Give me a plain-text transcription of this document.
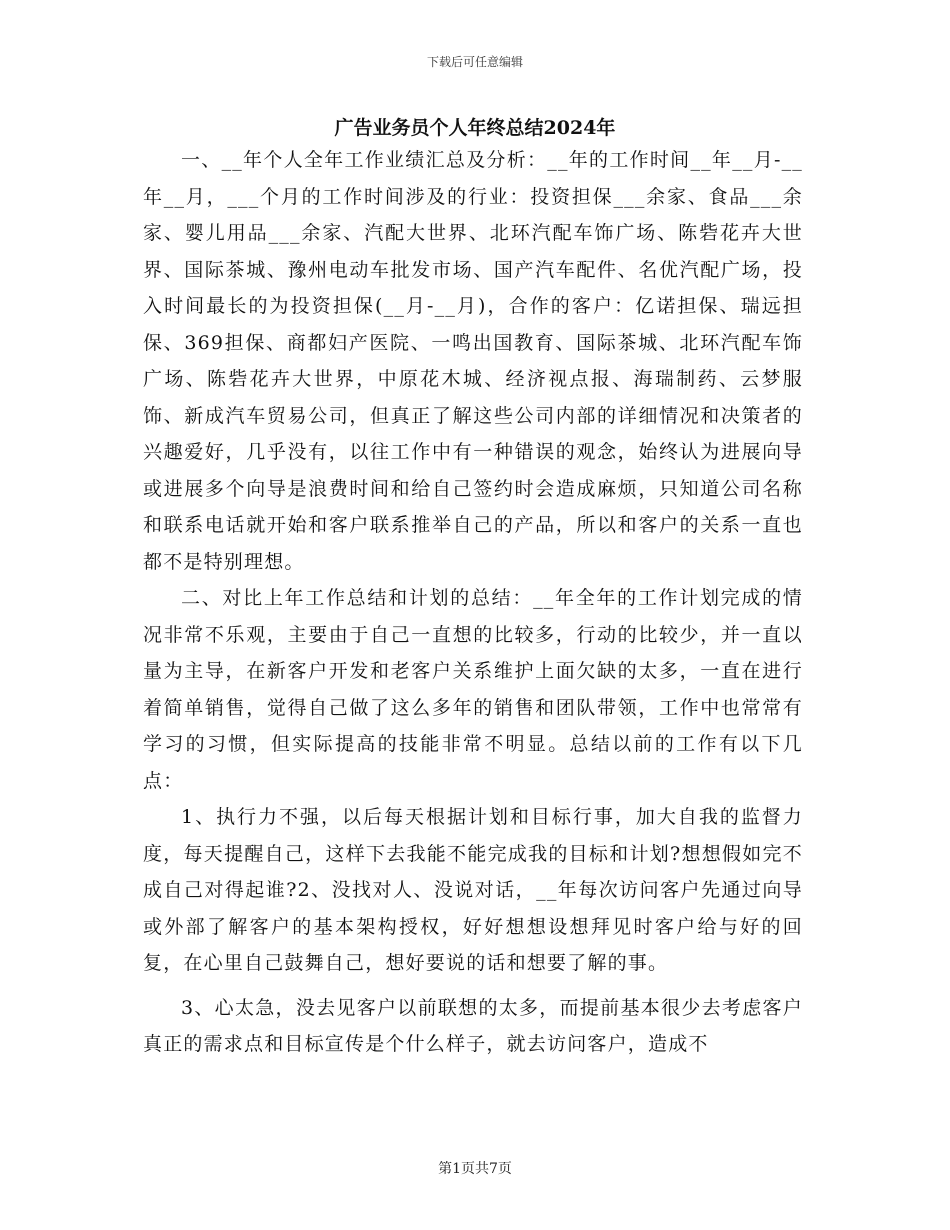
下载后可任意编辑
广告业务员个人年终总结2024年

一、__年个人全年工作业绩汇总及分析：__年的工作时间__年__月-__年__月，___个月的工作时间涉及的行业：投资担保___余家、食品___余家、婴儿用品___余家、汽配大世界、北环汽配车饰广场、陈砦花卉大世界、国际茶城、豫州电动车批发市场、国产汽车配件、名优汽配广场，投入时间最长的为投资担保(__月-__月)，合作的客户：亿诺担保、瑞远担保、369担保、商都妇产医院、一鸣出国教育、国际茶城、北环汽配车饰广场、陈砦花卉大世界，中原花木城、经济视点报、海瑞制药、云梦服饰、新成汽车贸易公司，但真正了解这些公司内部的详细情况和决策者的兴趣爱好，几乎没有，以往工作中有一种错误的观念，始终认为进展向导或进展多个向导是浪费时间和给自己签约时会造成麻烦，只知道公司名称和联系电话就开始和客户联系推举自己的产品，所以和客户的关系一直也都不是特别理想。

二、对比上年工作总结和计划的总结：__年全年的工作计划完成的情况非常不乐观，主要由于自己一直想的比较多，行动的比较少，并一直以量为主导，在新客户开发和老客户关系维护上面欠缺的太多，一直在进行着简单销售，觉得自己做了这么多年的销售和团队带领，工作中也常常有学习的习惯，但实际提高的技能非常不明显。总结以前的工作有以下几点：

1、执行力不强，以后每天根据计划和目标行事，加大自我的监督力度，每天提醒自己，这样下去我能不能完成我的目标和计划?想想假如完不成自己对得起谁?2、没找对人、没说对话，__年每次访问客户先通过向导或外部了解客户的基本架构授权，好好想想设想拜见时客户给与好的回复，在心里自己鼓舞自己，想好要说的话和想要了解的事。

3、心太急，没去见客户以前联想的太多，而提前基本很少去考虑客户真正的需求点和目标宣传是个什么样子，就去访问客户，造成不

第1页共7页
